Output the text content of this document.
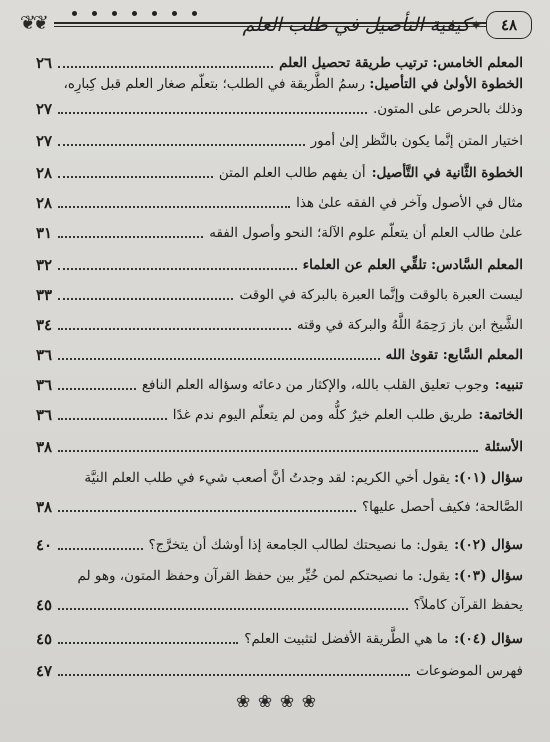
❦❦	كيفية التأصيل في طلب العلم ✦	٤٨
المعلم الخامس: ترتيب طريقة تحصيل العلم
٢٦
الخطوة الأولىٰ في التأصيل: رسمُ الطَّريقة في الطلب؛ بتعلّم صغار العلم قبل كِبارِه،
وذلك بالحرص على المتون.
٢٧
اختيار المتن إنَّما يكون بالنَّظر إلىٰ أمور
٢٧
الخطوة الثَّانية في التَّأصيل:
أن يفهم طالب العلم المتن
٢٨
مثال في الأصول وآخر في الفقه علىٰ هذا
٢٨
علىٰ طالب العلم أن يتعلّم علوم الآلة؛ النحو وأصول الفقه
٣١
المعلم السَّادس: تلقِّي العلم عن العلماء
٣٢
ليست العبرة بالوقت وإنَّما العبرة بالبركة في الوقت
٣٣
الشَّيخ ابن باز رَحِمَهُ اللَّهُ والبركة في وقته
٣٤
المعلم السَّابع: تقوىٰ الله
٣٦
تنبيه:
وجوب تعليق القلب بالله، والإكثار من دعائه وسؤاله العلم النافع
٣٦
الخاتمة:
طريق طلب العلم خيرٌ كلُّه ومن لم يتعلّم اليوم ندم غدًا
٣٦
الأسئلة
٣٨
سؤال (٠١): يقول أخي الكريم: لقد وجدتُ أنَّ أصعب شيء في طلب العلم النيَّة
الصَّالحة؛ فكيف أحصل عليها؟
٣٨
سؤال (٠٢):
يقول: ما نصيحتك لطالب الجامعة إذا أوشك أن يتخرَّج؟
٤٠
سؤال (٠٣): يقول: ما نصيحتكم لمن خُيِّر بين حفظ القرآن وحفظ المتون، وهو لم
يحفظ القرآن كاملاً؟
٤٥
سؤال (٠٤):
ما هي الطَّريقة الأفضل لتثبيت العلم؟
٤٥
فهرس الموضوعات
٤٧
❀ ❀ ❀ ❀
